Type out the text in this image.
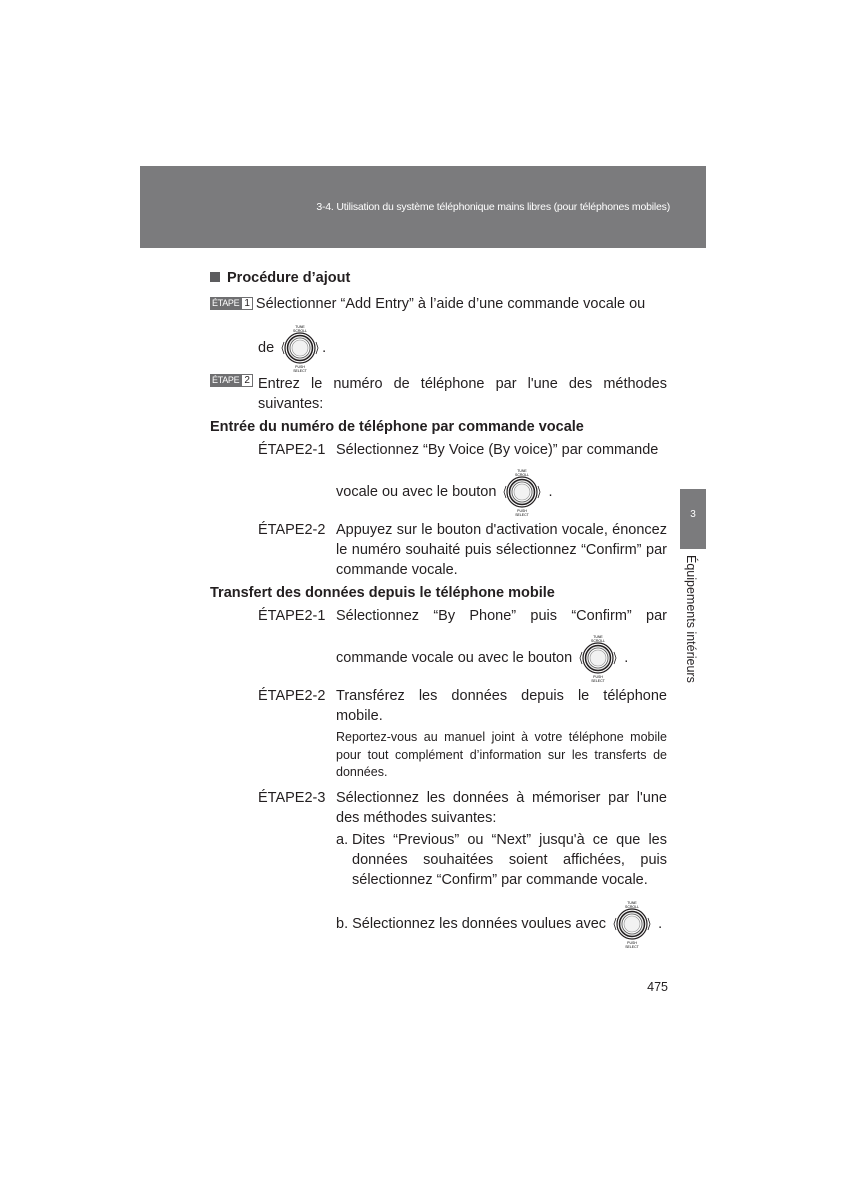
3-4. Utilisation du système téléphonique mains libres (pour téléphones mobiles)
3
Équipements intérieurs
Procédure d’ajout
ÉTAPE 1 Sélectionner “Add Entry” à l’aide d’une commande vocale ou
de
TUNE
SCROLL
PUSH
SELECT
.
ÉTAPE 2 Entrez le numéro de téléphone par l'une des méthodes suivantes:
Entrée du numéro de téléphone par commande vocale
ÉTAPE2-1 Sélectionnez “By Voice (By voice)” par commande
vocale ou avec le bouton
TUNE
SCROLL
PUSH
SELECT
.
ÉTAPE2-2 Appuyez sur le bouton d'activation vocale, énoncez le numéro souhaité puis sélectionnez “Confirm” par commande vocale.
Transfert des données depuis le téléphone mobile
ÉTAPE2-1 Sélectionnez “By Phone” puis “Confirm” par
commande vocale ou avec le bouton
TUNE
SCROLL
PUSH
SELECT
.
ÉTAPE2-2 Transférez les données depuis le téléphone mobile.
Reportez-vous au manuel joint à votre téléphone mobile pour tout complément d’information sur les transferts de données.
ÉTAPE2-3 Sélectionnez les données à mémoriser par l'une des méthodes suivantes:
a. Dites “Previous” ou “Next” jusqu'à ce que les données souhaitées soient affichées, puis sélectionnez “Confirm” par commande vocale.
b. Sélectionnez les données voulues avec
TUNE
SCROLL
PUSH
SELECT
.
475
